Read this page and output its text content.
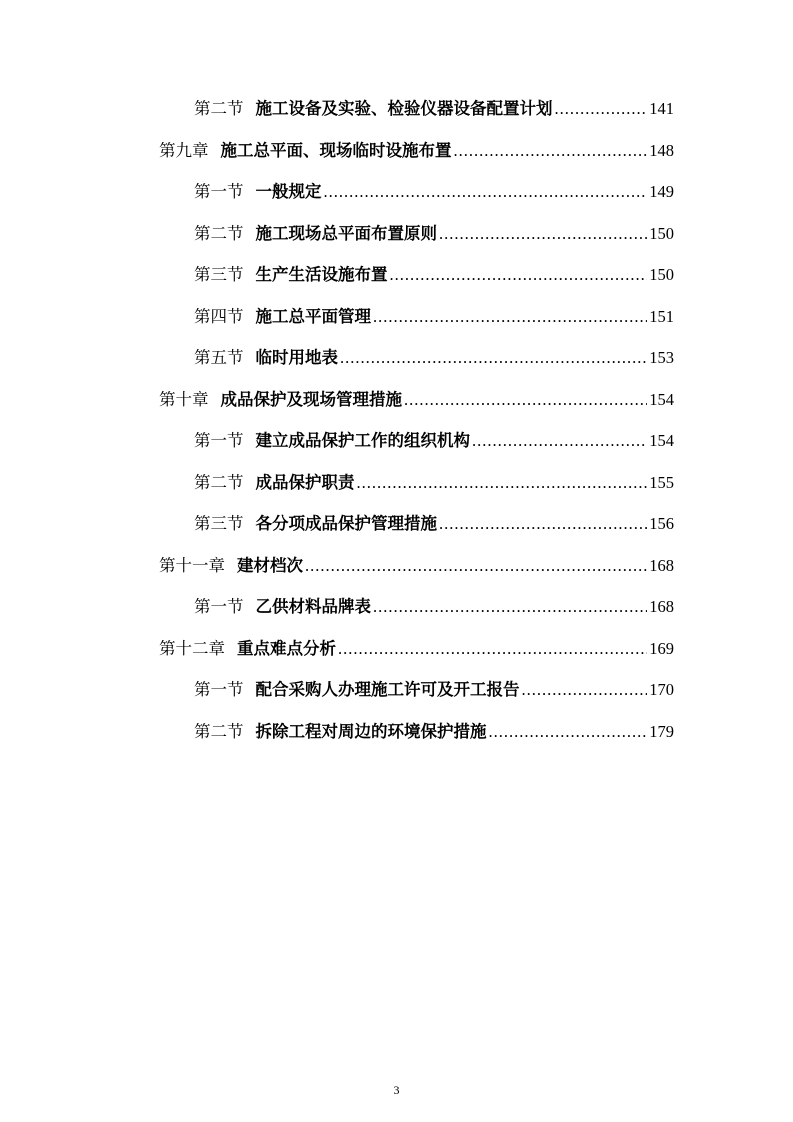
第二节 施工设备及实验、检验仪器设备配置计划 .....	141
第九章 施工总平面、现场临时设施布置 .....	148
第一节 一般规定 .....	149
第二节 施工现场总平面布置原则 .....	150
第三节 生产生活设施布置 .....	150
第四节 施工总平面管理 .....	151
第五节 临时用地表 .....	153
第十章 成品保护及现场管理措施 .....	154
第一节 建立成品保护工作的组织机构 .....	154
第二节 成品保护职责 .....	155
第三节 各分项成品保护管理措施 .....	156
第十一章 建材档次 .....	168
第一节 乙供材料品牌表 .....	168
第十二章 重点难点分析 .....	169
第一节 配合采购人办理施工许可及开工报告 .....	170
第二节 拆除工程对周边的环境保护措施 .....	179
3
